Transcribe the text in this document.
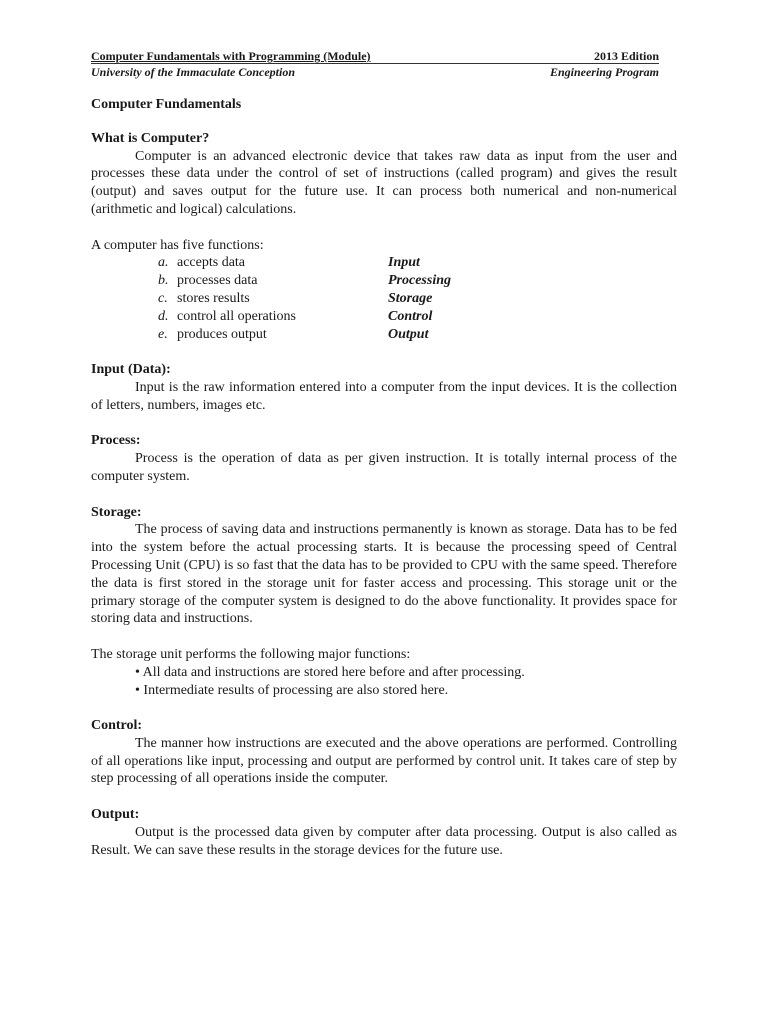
Computer Fundamentals with Programming (Module)	2013 Edition
University of the Immaculate Conception	Engineering Program
Computer Fundamentals
What is Computer?

Computer is an advanced electronic device that takes raw data as input from the user and processes these data under the control of set of instructions (called program) and gives the result (output) and saves output for the future use. It can process both numerical and non-numerical (arithmetic and logical) calculations.

A computer has five functions:
a. accepts data	Input
b. processes data	Processing
c. stores results	Storage
d. control all operations	Control
e. produces output	Output
Input (Data):

Input is the raw information entered into a computer from the input devices. It is the collection of letters, numbers, images etc.

Process:

Process is the operation of data as per given instruction. It is totally internal process of the computer system.

Storage:

The process of saving data and instructions permanently is known as storage. Data has to be fed into the system before the actual processing starts. It is because the processing speed of Central Processing Unit (CPU) is so fast that the data has to be provided to CPU with the same speed. Therefore the data is first stored in the storage unit for faster access and processing. This storage unit or the primary storage of the computer system is designed to do the above functionality. It provides space for storing data and instructions.

The storage unit performs the following major functions:
• All data and instructions are stored here before and after processing.
• Intermediate results of processing are also stored here.
Control:

The manner how instructions are executed and the above operations are performed. Controlling of all operations like input, processing and output are performed by control unit. It takes care of step by step processing of all operations inside the computer.

Output:

Output is the processed data given by computer after data processing. Output is also called as Result. We can save these results in the storage devices for the future use.
